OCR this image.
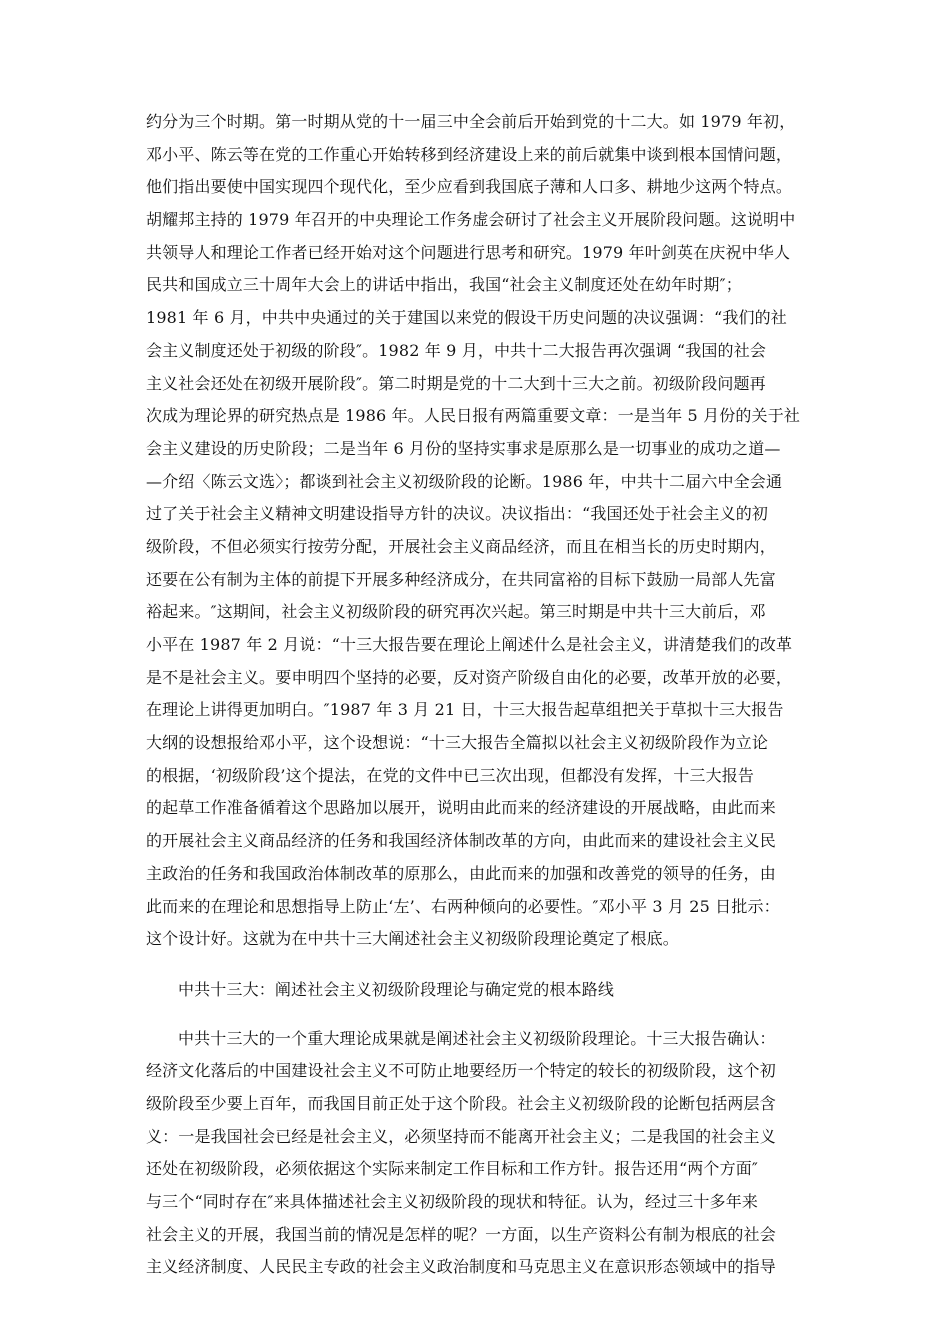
约分为三个时期。第一时期从党的十一届三中全会前后开始到党的十二大。如 1979 年初，
邓小平、陈云等在党的工作重心开始转移到经济建设上来的前后就集中谈到根本国情问题，
他们指出要使中国实现四个现代化，至少应看到我国底子薄和人口多、耕地少这两个特点。
胡耀邦主持的 1979 年召开的中央理论工作务虚会研讨了社会主义开展阶段问题。这说明中
共领导人和理论工作者已经开始对这个问题进行思考和研究。1979 年叶剑英在庆祝中华人
民共和国成立三十周年大会上的讲话中指出，我国“社会主义制度还处在幼年时期″；
1981 年 6 月，中共中央通过的关于建国以来党的假设干历史问题的决议强调：“我们的社
会主义制度还处于初级的阶段″。1982 年 9 月，中共十二大报告再次强调 “我国的社会
主义社会还处在初级开展阶段″。第二时期是党的十二大到十三大之前。初级阶段问题再
次成为理论界的研究热点是 1986 年。人民日报有两篇重要文章：一是当年 5 月份的关于社
会主义建设的历史阶段；二是当年 6 月份的坚持实事求是原那么是一切事业的成功之道—
—介绍〈陈云文选〉；都谈到社会主义初级阶段的论断。1986 年，中共十二届六中全会通
过了关于社会主义精神文明建设指导方针的决议。决议指出：“我国还处于社会主义的初
级阶段，不但必须实行按劳分配，开展社会主义商品经济，而且在相当长的历史时期内，
还要在公有制为主体的前提下开展多种经济成分，在共同富裕的目标下鼓励一局部人先富
裕起来。″这期间，社会主义初级阶段的研究再次兴起。第三时期是中共十三大前后，邓
小平在 1987 年 2 月说：“十三大报告要在理论上阐述什么是社会主义，讲清楚我们的改革
是不是社会主义。要申明四个坚持的必要，反对资产阶级自由化的必要，改革开放的必要，
在理论上讲得更加明白。″1987 年 3 月 21 日，十三大报告起草组把关于草拟十三大报告
大纲的设想报给邓小平，这个设想说：“十三大报告全篇拟以社会主义初级阶段作为立论
的根据，‘初级阶段’这个提法，在党的文件中已三次出现，但都没有发挥，十三大报告
的起草工作准备循着这个思路加以展开，说明由此而来的经济建设的开展战略，由此而来
的开展社会主义商品经济的任务和我国经济体制改革的方向，由此而来的建设社会主义民
主政治的任务和我国政治体制改革的原那么，由此而来的加强和改善党的领导的任务，由
此而来的在理论和思想指导上防止‘左’、右两种倾向的必要性。″邓小平 3 月 25 日批示：
这个设计好。这就为在中共十三大阐述社会主义初级阶段理论奠定了根底。
中共十三大：阐述社会主义初级阶段理论与确定党的根本路线
中共十三大的一个重大理论成果就是阐述社会主义初级阶段理论。十三大报告确认：
经济文化落后的中国建设社会主义不可防止地要经历一个特定的较长的初级阶段，这个初
级阶段至少要上百年，而我国目前正处于这个阶段。社会主义初级阶段的论断包括两层含
义：一是我国社会已经是社会主义，必须坚持而不能离开社会主义；二是我国的社会主义
还处在初级阶段，必须依据这个实际来制定工作目标和工作方针。报告还用“两个方面″
与三个“同时存在″来具体描述社会主义初级阶段的现状和特征。认为，经过三十多年来
社会主义的开展，我国当前的情况是怎样的呢？一方面，以生产资料公有制为根底的社会
主义经济制度、人民民主专政的社会主义政治制度和马克思主义在意识形态领域中的指导
